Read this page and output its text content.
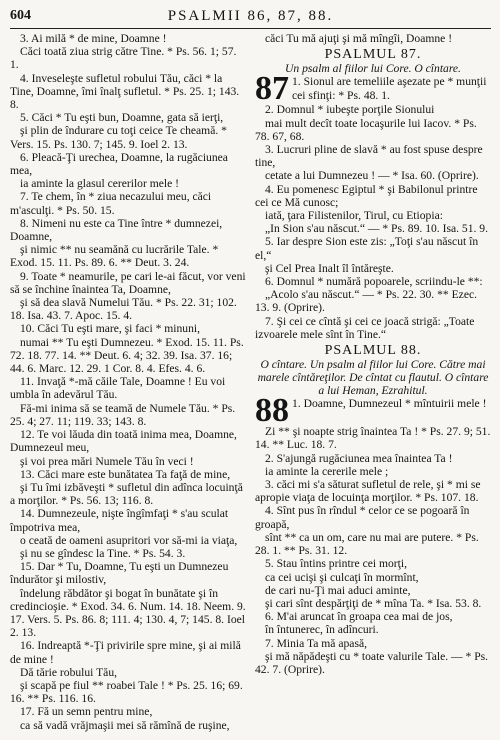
604	PSALMII 86, 87, 88.

3. Ai milă * de mine, Doamne !

Căci toată ziua strig către Tine. * Ps. 56. 1; 57. 1.

4. Inveseleşte sufletul robului Tău, căci * la Tine, Doamne, îmi înalţ sufletul. * Ps. 25. 1; 143. 8.

5. Căci * Tu eşti bun, Doamne, gata să ierţi,

şi plin de îndurare cu toţi ceice Te cheamă. * Vers. 15. Ps. 130. 7; 145. 9. Ioel 2. 13.

6. Pleacă-Ţi urechea, Doamne, la rugăciunea mea,

ia aminte la glasul cererilor mele !

7. Te chem, în * ziua necazului meu, căci m'asculţi. * Ps. 50. 15.

8. Nimeni nu este ca Tine între * dumnezei, Doamne,

şi nimic ** nu seamănă cu lucrările Tale. * Exod. 15. 11. Ps. 89. 6. ** Deut. 3. 24.

9. Toate * neamurile, pe cari le-ai făcut, vor veni să se închine înaintea Ta, Doamne,

şi să dea slavă Numelui Tău. * Ps. 22. 31; 102. 18. Isa. 43. 7. Apoc. 15. 4.

10. Căci Tu eşti mare, şi faci * minuni,

numai ** Tu eşti Dumnezeu. * Exod. 15. 11. Ps. 72. 18. 77. 14. ** Deut. 6. 4; 32. 39. Isa. 37. 16; 44. 6. Marc. 12. 29. 1 Cor. 8. 4. Efes. 4. 6.

11. Invaţă *-mă căile Tale, Doamne ! Eu voi umbla în adevărul Tău.

Fă-mi inima să se teamă de Numele Tău. * Ps. 25. 4; 27. 11; 119. 33; 143. 8.

12. Te voi lăuda din toată inima mea, Doamne, Dumnezeul meu,

şi voi prea mări Numele Tău în veci !

13. Căci mare este bunătatea Ta faţă de mine,

şi Tu îmi izbăveşti * sufletul din adînca locuinţă a morţilor. * Ps. 56. 13; 116. 8.

14. Dumnezeule, nişte îngîmfaţi * s'au sculat împotriva mea,

o ceată de oameni asupritori vor să-mi ia viaţa,

şi nu se gîndesc la Tine. * Ps. 54. 3.

15. Dar * Tu, Doamne, Tu eşti un Dumnezeu îndurător şi milostiv,

îndelung răbdător şi bogat în bunătate şi în credincioşie. * Exod. 34. 6. Num. 14. 18. Neem. 9. 17. Vers. 5. Ps. 86. 8; 111. 4; 130. 4, 7; 145. 8. Ioel 2. 13.

16. Indreaptă *-Ţi privirile spre mine, şi ai milă de mine !

Dă tărie robului Tău,

şi scapă pe fiul ** roabei Tale ! * Ps. 25. 16; 69. 16. ** Ps. 116. 16.

17. Fă un semn pentru mine,

ca să vadă vrăjmaşii mei să rămînă de ruşine,

căci Tu mă ajuţi şi mă mîngîi, Doamne !

PSALMUL 87.
Un psalm al fiilor lui Core. O cîntare.
87 1. Sionul are temeliile aşezate pe * munţii cei sfinţi: * Ps. 48. 1.

2. Domnul * iubeşte porţile Sionului

mai mult decît toate locaşurile lui Iacov. * Ps. 78. 67, 68.

3. Lucruri pline de slavă * au fost spuse despre tine,

cetate a lui Dumnezeu ! — * Isa. 60. (Oprire).

4. Eu pomenesc Egiptul * şi Babilonul printre cei ce Mă cunosc;

iată, ţara Filistenilor, Tirul, cu Etiopia:

„In Sion s'au născut.“ — * Ps. 89. 10. Isa. 51. 9.

5. Iar despre Sion este zis: „Toţi s'au născut în el,“

şi Cel Prea Inalt îl întăreşte.

6. Domnul * numără popoarele, scriindu-le **:

„Acolo s'au născut.“ — * Ps. 22. 30. ** Ezec. 13. 9. (Oprire).

7. Şi cei ce cîntă şi cei ce joacă strigă: „Toate izvoarele mele sînt în Tine.“

PSALMUL 88.
O cîntare. Un psalm al fiilor lui Core. Către mai marele cîntăreţilor. De cîntat cu flautul. O cîntare a lui Heman, Ezrahitul.
88 1. Doamne, Dumnezeul * mîntuirii mele !

Zi ** şi noapte strig înaintea Ta ! * Ps. 27. 9; 51. 14. ** Luc. 18. 7.

2. S'ajungă rugăciunea mea înaintea Ta !

ia aminte la cererile mele ;

3. căci mi s'a săturat sufletul de rele, şi * mi se apropie viaţa de locuinţa morţilor. * Ps. 107. 18.

4. Sînt pus în rîndul * celor ce se pogoară în groapă,

sînt ** ca un om, care nu mai are putere. * Ps. 28. 1. ** Ps. 31. 12.

5. Stau întins printre cei morţi,

ca cei ucişi şi culcaţi în mormînt,

de cari nu-Ţi mai aduci aminte,

şi cari sînt despărţiţi de * mîna Ta. * Isa. 53. 8.

6. M'ai aruncat în groapa cea mai de jos,

în întunerec, în adîncuri.

7. Minia Ta mă apasă,

şi mă năpădeşti cu * toate valurile Tale. — * Ps. 42. 7. (Oprire).
